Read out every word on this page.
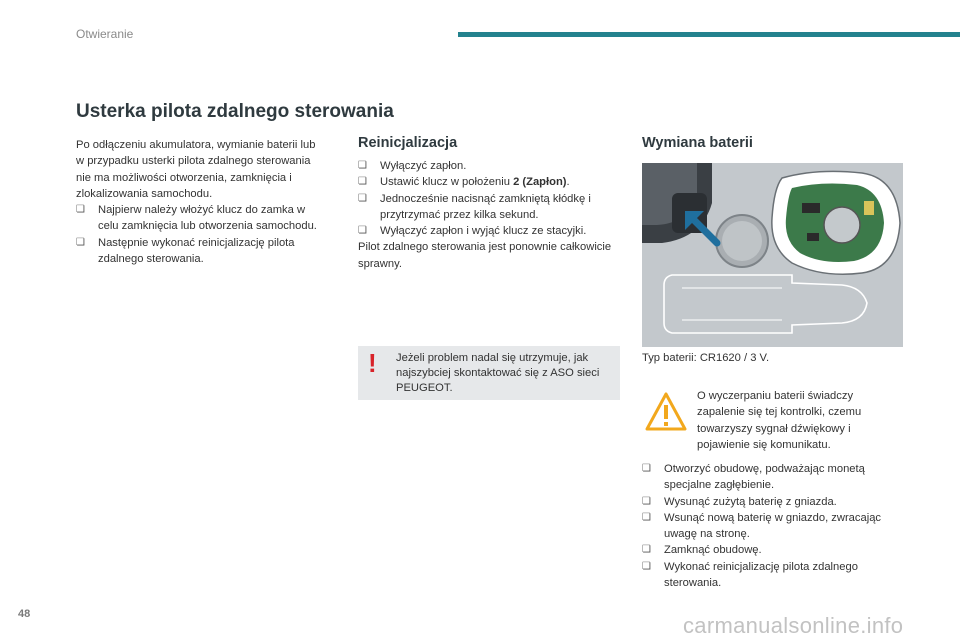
Otwieranie
Usterka pilota zdalnego sterowania

Po odłączeniu akumulatora, wymianie baterii lub w przypadku usterki pilota zdalnego sterowania nie ma możliwości otworzenia, zamknięcia i zlokalizowania samochodu.

❏ Najpierw należy włożyć klucz do zamka w celu zamknięcia lub otworzenia samochodu.

❏ Następnie wykonać reinicjalizację pilota zdalnego sterowania.

Reinicjalizacja

❏ Wyłączyć zapłon.

❏ Ustawić klucz w położeniu 2 (Zapłon).

❏ Jednocześnie nacisnąć zamkniętą kłódkę i przytrzymać przez kilka sekund.

❏ Wyłączyć zapłon i wyjąć klucz ze stacyjki.

Pilot zdalnego sterowania jest ponownie całkowicie sprawny.

! Jeżeli problem nadal się utrzymuje, jak najszybciej skontaktować się z ASO sieci PEUGEOT.
Wymiana baterii
Typ baterii: CR1620 / 3 V.
O wyczerpaniu baterii świadczy zapalenie się tej kontrolki, czemu towarzyszy sygnał dźwiękowy i pojawienie się komunikatu.

❏ Otworzyć obudowę, podważając monetą specjalne zagłębienie.

❏ Wysunąć zużytą baterię z gniazda.

❏ Wsunąć nową baterię w gniazdo, zwracając uwagę na stronę.

❏ Zamknąć obudowę.

❏ Wykonać reinicjalizację pilota zdalnego sterowania.

48	carmanualsonline.info
